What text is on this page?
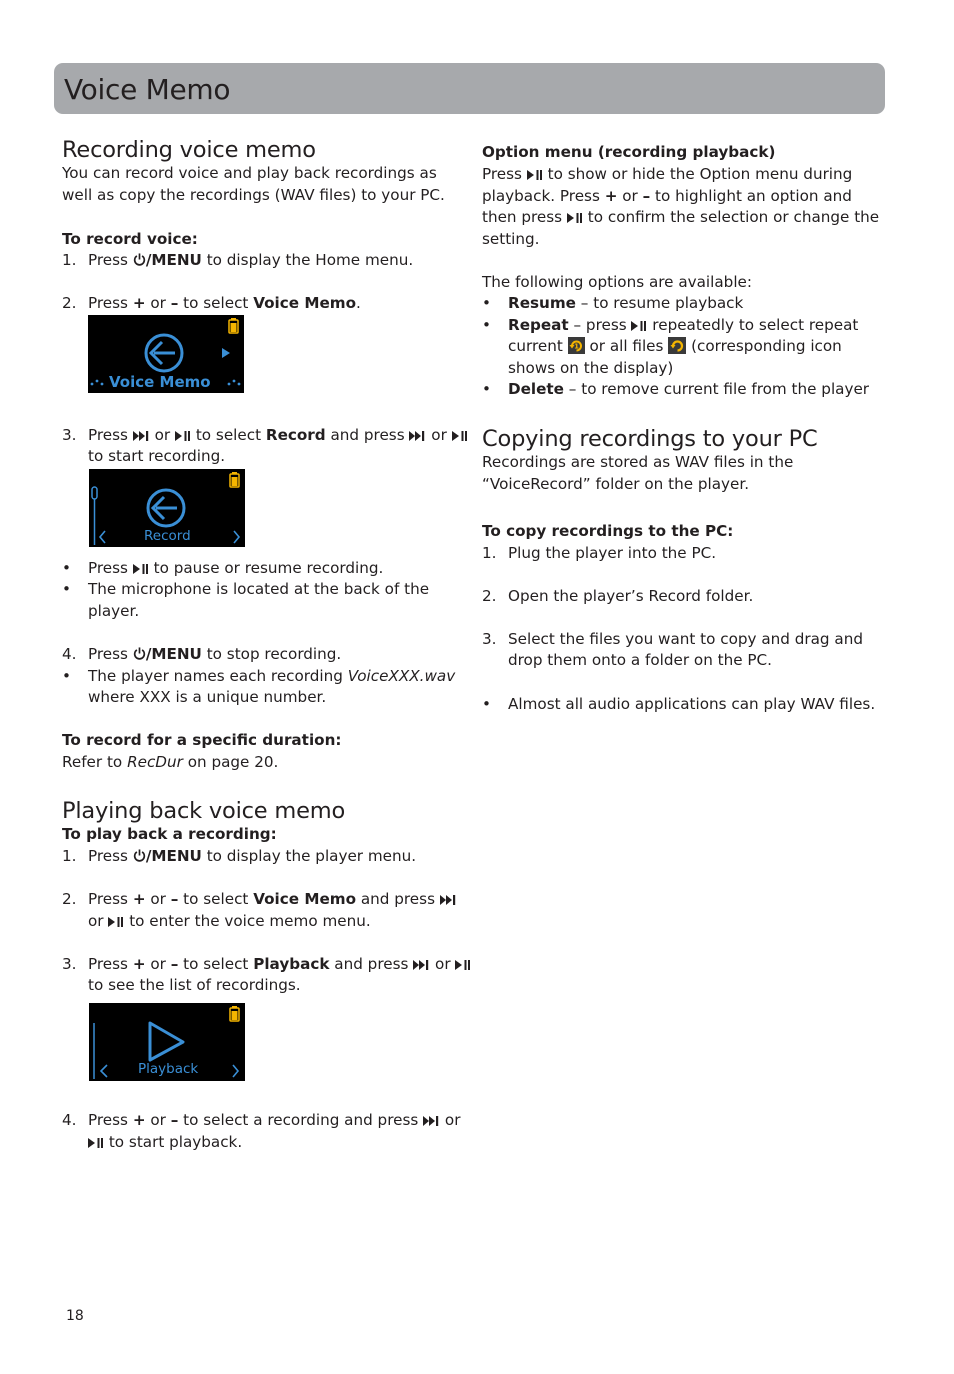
Voice Memo
Recording voice memo
You can record voice and play back recordings as
well as copy the recordings (WAV files) to your PC.
To record voice:
1. Press /MENU to display the Home menu.
2. Press + or – to select Voice Memo.
Voice Memo
3. Press  or  to select Record and press  or
to start recording.
Record
• Press  to pause or resume recording.
• The microphone is located at the back of the
player.
4. Press /MENU to stop recording.
• The player names each recording VoiceXXX.wav
where XXX is a unique number.
To record for a specific duration:
Refer to RecDur on page 20.
Playing back voice memo
To play back a recording:
1. Press /MENU to display the player menu.
2. Press + or – to select Voice Memo and press
or  to enter the voice memo menu.
3. Press + or – to select Playback and press  or
to see the list of recordings.
Playback
4. Press + or – to select a recording and press  or
to start playback.
Option menu (recording playback)
Press  to show or hide the Option menu during
playback. Press + or – to highlight an option and
then press  to confirm the selection or change the
setting.
The following options are available:
• Resume – to resume playback
• Repeat – press  repeatedly to select repeat
current 1 or all files  (corresponding icon
shows on the display)
• Delete – to remove current file from the player
Copying recordings to your PC
Recordings are stored as WAV files in the
“VoiceRecord” folder on the player.
To copy recordings to the PC:
1. Plug the player into the PC.
2. Open the player’s Record folder.
3. Select the files you want to copy and drag and
drop them onto a folder on the PC.
• Almost all audio applications can play WAV files.
18
